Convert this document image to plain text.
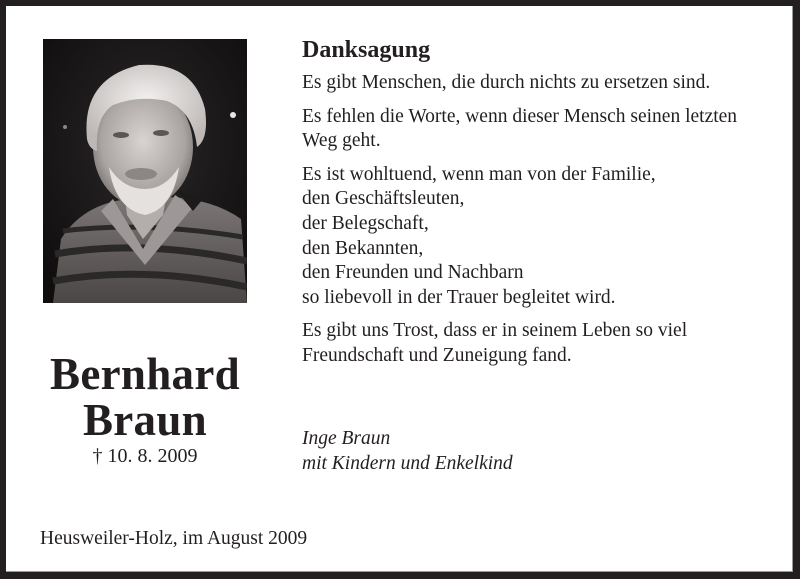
Bernhard
Braun
† 10. 8. 2009
Danksagung
Es gibt Menschen, die durch nichts zu ersetzen sind.
Es fehlen die Worte, wenn dieser Mensch seinen letzten
Weg geht.
Es ist wohltuend, wenn man von der Familie,
den Geschäftsleuten,
der Belegschaft,
den Bekannten,
den Freunden und Nachbarn
so liebevoll in der Trauer begleitet wird.
Es gibt uns Trost, dass er in seinem Leben so viel
Freundschaft und Zuneigung fand.
Inge Braun
mit Kindern und Enkelkind
Heusweiler-Holz, im August 2009
